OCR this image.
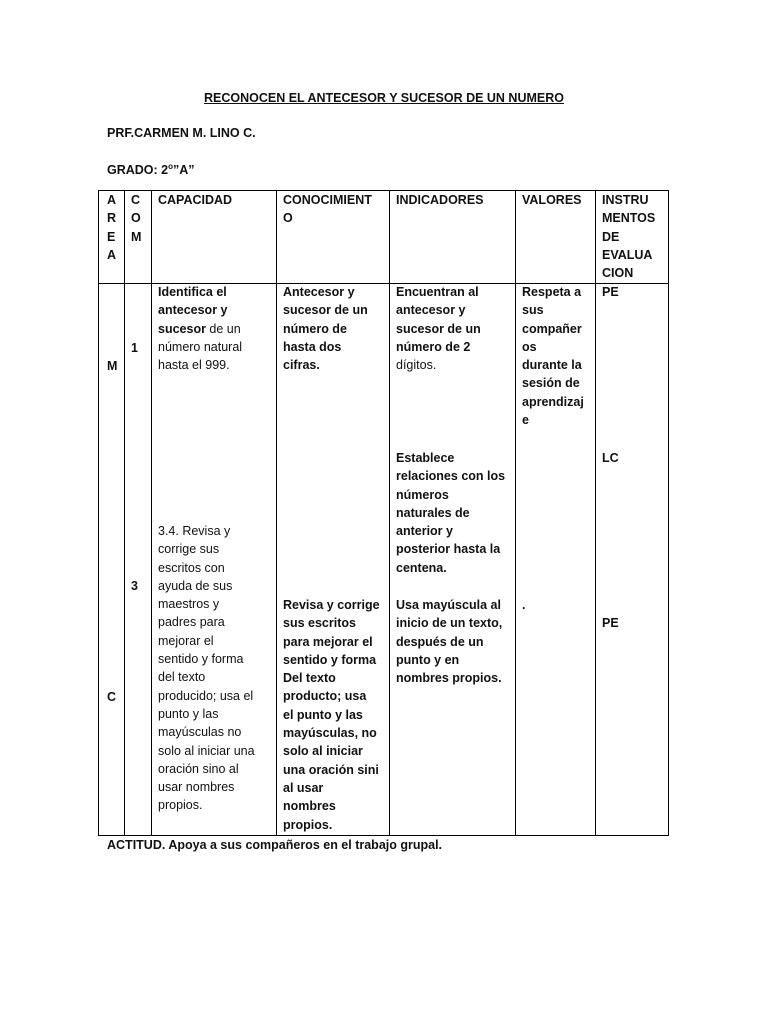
RECONOCEN EL ANTECESOR Y SUCESOR DE UN NUMERO
PRF.CARMEN M. LINO C.
GRADO: 2$^o$”A”
A
R
E
A
C
O
M
CAPACIDAD	CONOCIMIENT
O
INDICADORES	VALORES INSTRU
MENTOS
DE
EVALUA
CION
M
C
1
3
Identifica el
antecesor y
sucesor de un
número natural
hasta el 999.
3.4. Revisa y
corrige sus
escritos con
ayuda de sus
maestros y
padres para
mejorar el
sentido y forma
del texto
producido; usa el
punto y las
mayúsculas no
solo al iniciar una
oración sino al
usar nombres
propios.
Antecesor y
sucesor de un
número de
hasta dos
cifras.
Revisa y corrige
sus escritos
para mejorar el
sentido y forma
Del texto
producto; usa
el punto y las
mayúsculas, no
solo al iniciar
una oración sini
al usar
nombres
propios.
Encuentran al
antecesor y
sucesor de un
número de 2
dígitos.
Establece
relaciones con los
números
naturales de
anterior y
posterior hasta la
centena.
Usa mayúscula al
inicio de un texto,
después de un
punto y en
nombres propios.
Respeta a
sus
compañer
os
durante la
sesión de
aprendizaj
e
.
PE
LC
PE
ACTITUD. Apoya a sus compañeros en el trabajo grupal.
